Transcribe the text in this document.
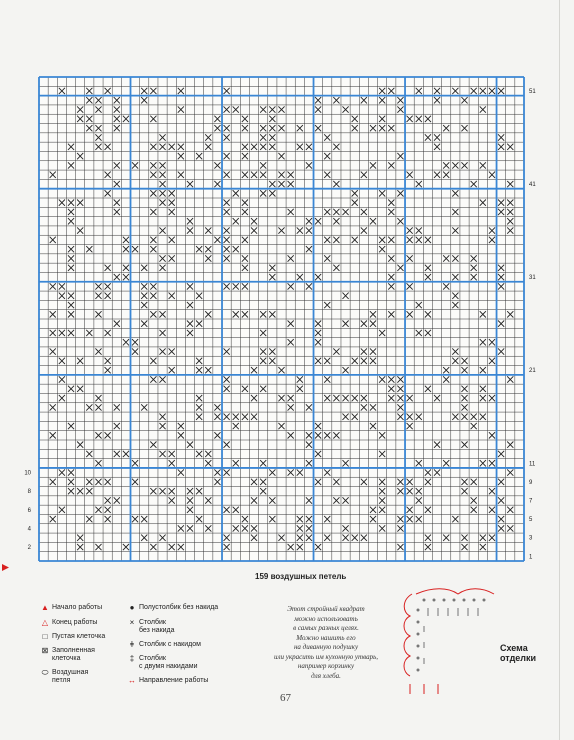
1
3
5
7
9
11
21
31
41
51
2
4
6
8
10
159 воздушных петель
▲ Начало работы
△ Конец работы
□ Пустая клеточка
⊠ Заполненная
клеточка
⬭ Воздушная
петля
● Полустолбик без накида
× Столбик
без накида
ǂ Столбик с накидом
‡ Столбик
с двумя накидами
↔ Направление работы
Этот стройный квадрат
можно использовать
в самых разных целях.
Можно нашить его
на диванную подушку
или украсить им кухонную утварь,
например корзинку
для хлеба.
Схема
отделки
67
